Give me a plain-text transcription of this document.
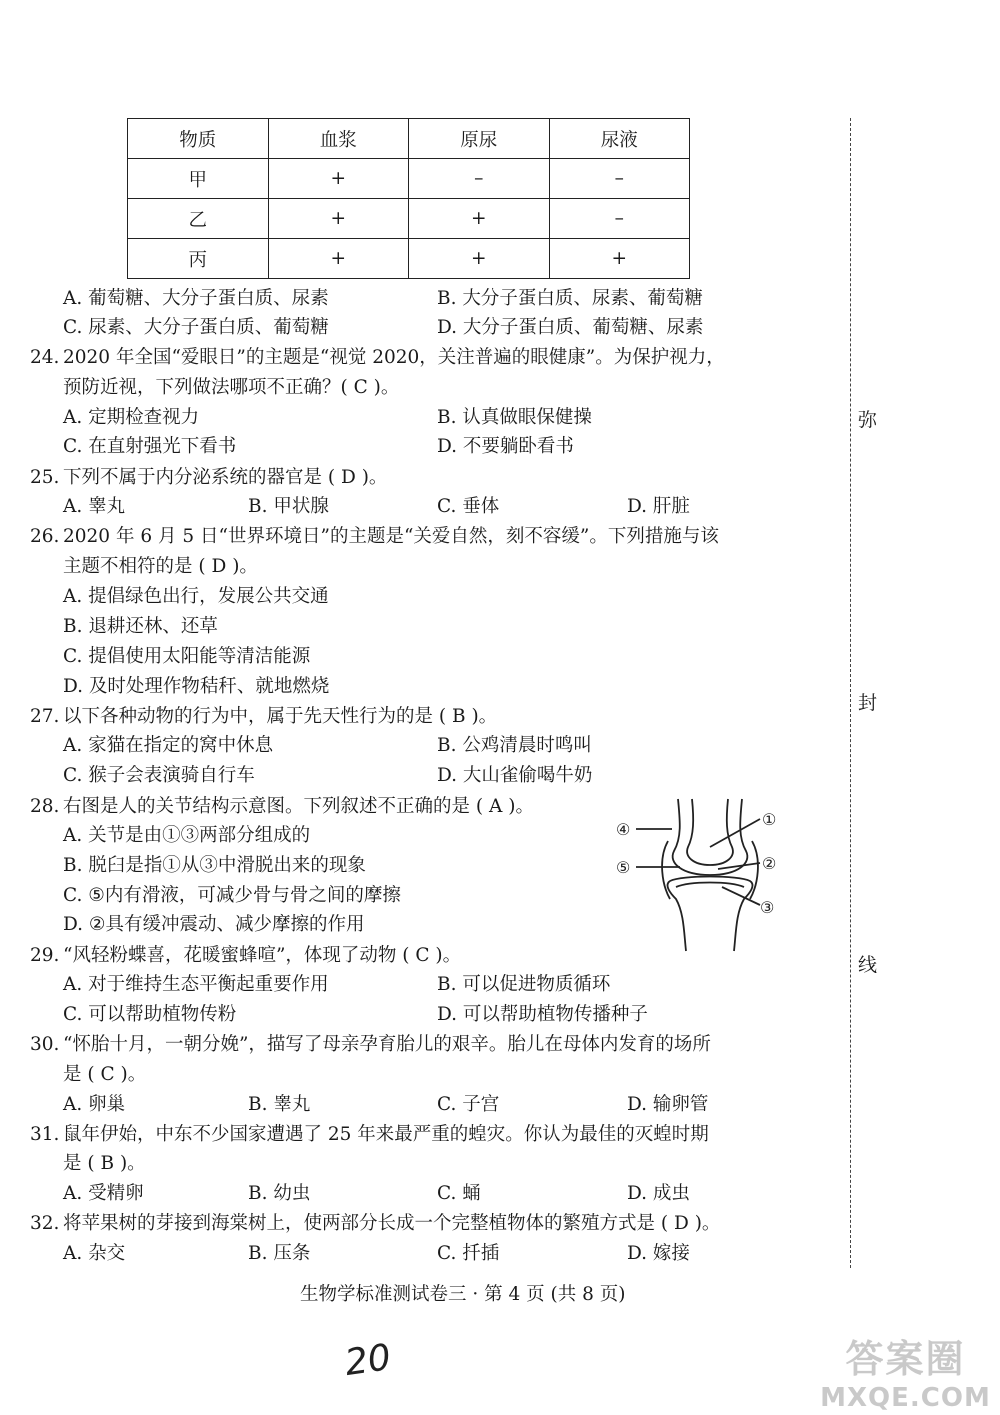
物质	血浆	原尿	尿液
甲	+	–	–
乙	+	+	–
丙	+	+	+
A. 葡萄糖、大分子蛋白质、尿素	B. 大分子蛋白质、尿素、葡萄糖
C. 尿素、大分子蛋白质、葡萄糖	D. 大分子蛋白质、葡萄糖、尿素
24. 2020 年全国“爱眼日”的主题是“视觉 2020，关注普遍的眼健康”。为保护视力，
预防近视，下列做法哪项不正确？( C )。
A. 定期检查视力	B. 认真做眼保健操
C. 在直射强光下看书	D. 不要躺卧看书
25. 下列不属于内分泌系统的器官是 ( D )。
A. 睾丸	B. 甲状腺	C. 垂体	D. 肝脏
26. 2020 年 6 月 5 日“世界环境日”的主题是“关爱自然，刻不容缓”。下列措施与该
主题不相符的是 ( D )。
A. 提倡绿色出行，发展公共交通
B. 退耕还林、还草
C. 提倡使用太阳能等清洁能源
D. 及时处理作物秸秆、就地燃烧
27. 以下各种动物的行为中，属于先天性行为的是 ( B )。
A. 家猫在指定的窝中休息	B. 公鸡清晨时鸣叫
C. 猴子会表演骑自行车	D. 大山雀偷喝牛奶
28. 右图是人的关节结构示意图。下列叙述不正确的是 ( A )。
A. 关节是由①③两部分组成的
B. 脱臼是指①从③中滑脱出来的现象
C. ⑤内有滑液，可减少骨与骨之间的摩擦
D. ②具有缓冲震动、减少摩擦的作用
④
⑤
①
②
③
29. “风轻粉蝶喜，花暖蜜蜂喧”，体现了动物 ( C )。
A. 对于维持生态平衡起重要作用	B. 可以促进物质循环
C. 可以帮助植物传粉	D. 可以帮助植物传播种子
30. “怀胎十月，一朝分娩”，描写了母亲孕育胎儿的艰辛。胎儿在母体内发育的场所
是 ( C )。
A. 卵巢	B. 睾丸	C. 子宫	D. 输卵管
31. 鼠年伊始，中东不少国家遭遇了 25 年来最严重的蝗灾。你认为最佳的灭蝗时期
是 ( B )。
A. 受精卵	B. 幼虫	C. 蛹	D. 成虫
32. 将苹果树的芽接到海棠树上，使两部分长成一个完整植物体的繁殖方式是 ( D )。
A. 杂交	B. 压条	C. 扦插	D. 嫁接
弥
封
线
生物学标准测试卷三 · 第 4 页 (共 8 页)
20	答案圈
MXQE.COM
